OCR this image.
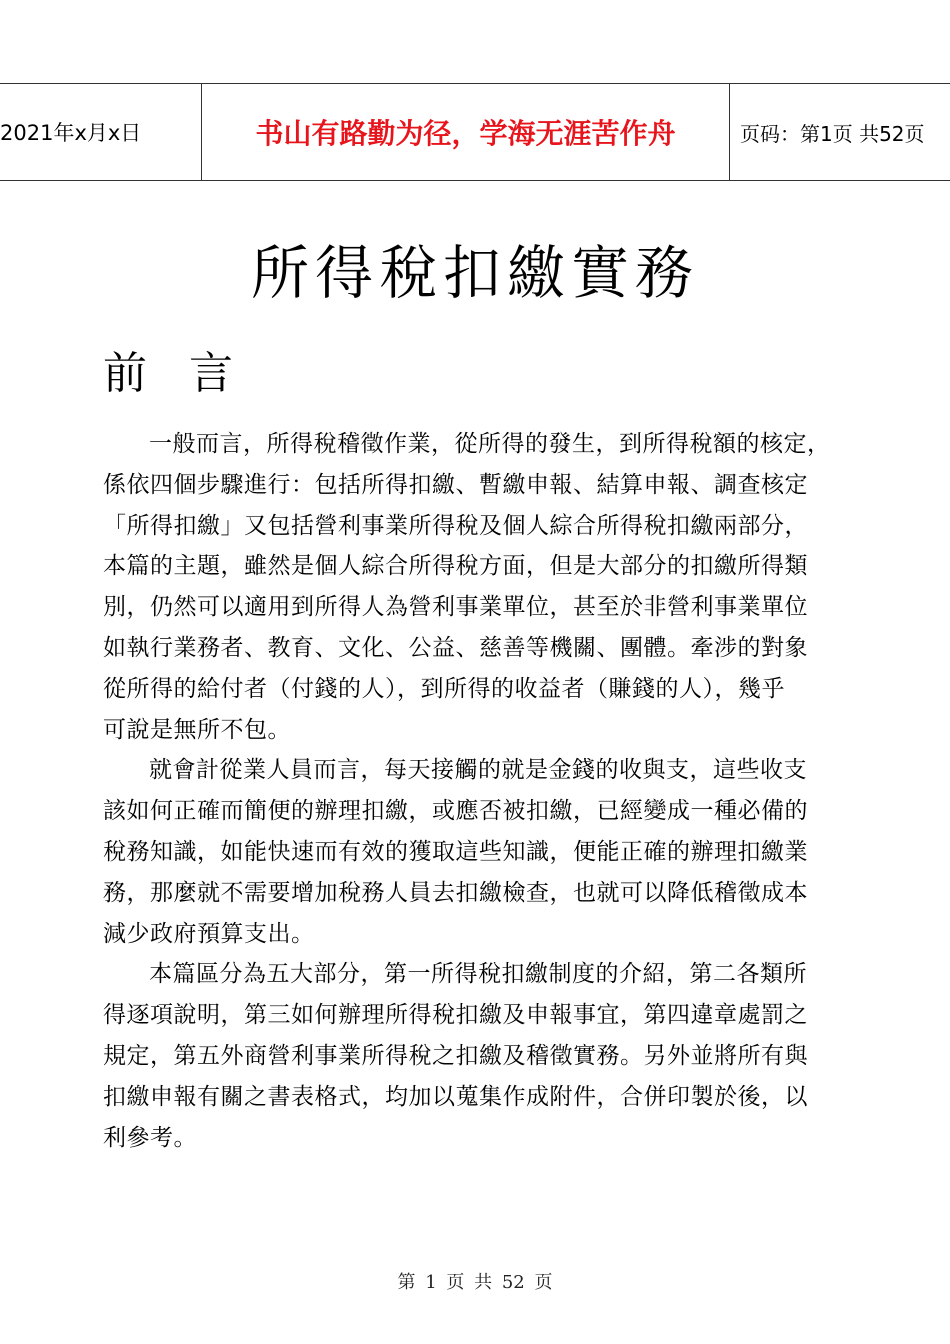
2021年x月x日	书山有路勤为径，学海无涯苦作舟	页码：第1页 共52页
所得稅扣繳實務
前 言

一般而言，所得稅稽徵作業，從所得的發生，到所得稅額的核定，
係依四個步驟進行：包括所得扣繳、暫繳申報、結算申報、調查核定
「所得扣繳」又包括營利事業所得稅及個人綜合所得稅扣繳兩部分，
本篇的主題，雖然是個人綜合所得稅方面，但是大部分的扣繳所得類
別，仍然可以適用到所得人為營利事業單位，甚至於非營利事業單位
如執行業務者、教育、文化、公益、慈善等機關、團體。牽涉的對象
從所得的給付者（付錢的人），到所得的收益者（賺錢的人），幾乎
可說是無所不包。

就會計從業人員而言，每天接觸的就是金錢的收與支，這些收支
該如何正確而簡便的辦理扣繳，或應否被扣繳，已經變成一種必備的
稅務知識，如能快速而有效的獲取這些知識，便能正確的辦理扣繳業
務，那麼就不需要增加稅務人員去扣繳檢查，也就可以降低稽徵成本
減少政府預算支出。

本篇區分為五大部分，第一所得稅扣繳制度的介紹，第二各類所
得逐項說明，第三如何辦理所得稅扣繳及申報事宜，第四違章處罰之
規定，第五外商營利事業所得稅之扣繳及稽徵實務。另外並將所有與
扣繳申報有關之書表格式，均加以蒐集作成附件，合併印製於後，以
利參考。

第 1 页 共 52 页
